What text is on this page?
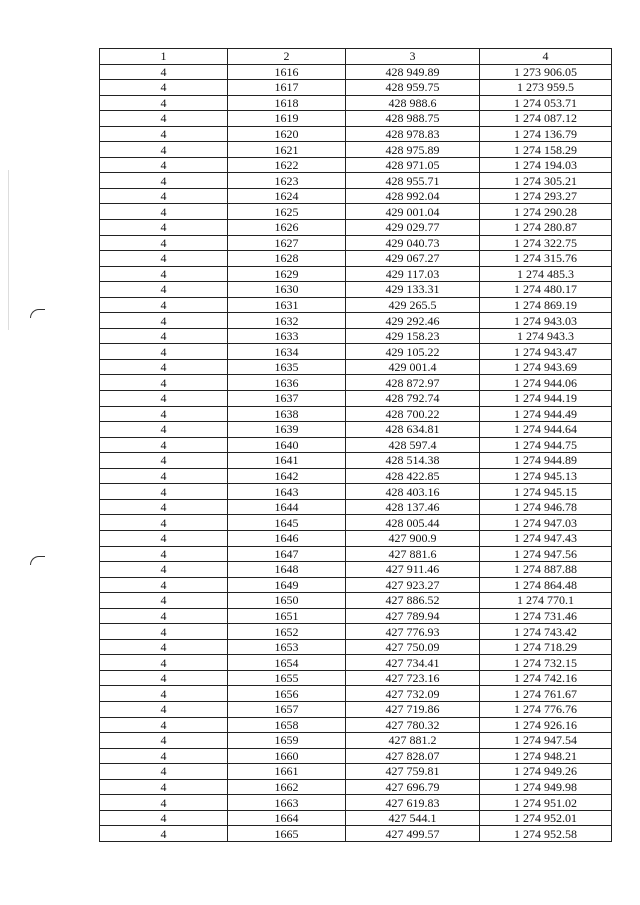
1	2	3	4
4	1616	428 949.89	1 273 906.05
4	1617	428 959.75	1 273 959.5
4	1618	428 988.6	1 274 053.71
4	1619	428 988.75	1 274 087.12
4	1620	428 978.83	1 274 136.79
4	1621	428 975.89	1 274 158.29
4	1622	428 971.05	1 274 194.03
4	1623	428 955.71	1 274 305.21
4	1624	428 992.04	1 274 293.27
4	1625	429 001.04	1 274 290.28
4	1626	429 029.77	1 274 280.87
4	1627	429 040.73	1 274 322.75
4	1628	429 067.27	1 274 315.76
4	1629	429 117.03	1 274 485.3
4	1630	429 133.31	1 274 480.17
4	1631	429 265.5	1 274 869.19
4	1632	429 292.46	1 274 943.03
4	1633	429 158.23	1 274 943.3
4	1634	429 105.22	1 274 943.47
4	1635	429 001.4	1 274 943.69
4	1636	428 872.97	1 274 944.06
4	1637	428 792.74	1 274 944.19
4	1638	428 700.22	1 274 944.49
4	1639	428 634.81	1 274 944.64
4	1640	428 597.4	1 274 944.75
4	1641	428 514.38	1 274 944.89
4	1642	428 422.85	1 274 945.13
4	1643	428 403.16	1 274 945.15
4	1644	428 137.46	1 274 946.78
4	1645	428 005.44	1 274 947.03
4	1646	427 900.9	1 274 947.43
4	1647	427 881.6	1 274 947.56
4	1648	427 911.46	1 274 887.88
4	1649	427 923.27	1 274 864.48
4	1650	427 886.52	1 274 770.1
4	1651	427 789.94	1 274 731.46
4	1652	427 776.93	1 274 743.42
4	1653	427 750.09	1 274 718.29
4	1654	427 734.41	1 274 732.15
4	1655	427 723.16	1 274 742.16
4	1656	427 732.09	1 274 761.67
4	1657	427 719.86	1 274 776.76
4	1658	427 780.32	1 274 926.16
4	1659	427 881.2	1 274 947.54
4	1660	427 828.07	1 274 948.21
4	1661	427 759.81	1 274 949.26
4	1662	427 696.79	1 274 949.98
4	1663	427 619.83	1 274 951.02
4	1664	427 544.1	1 274 952.01
4	1665	427 499.57	1 274 952.58
